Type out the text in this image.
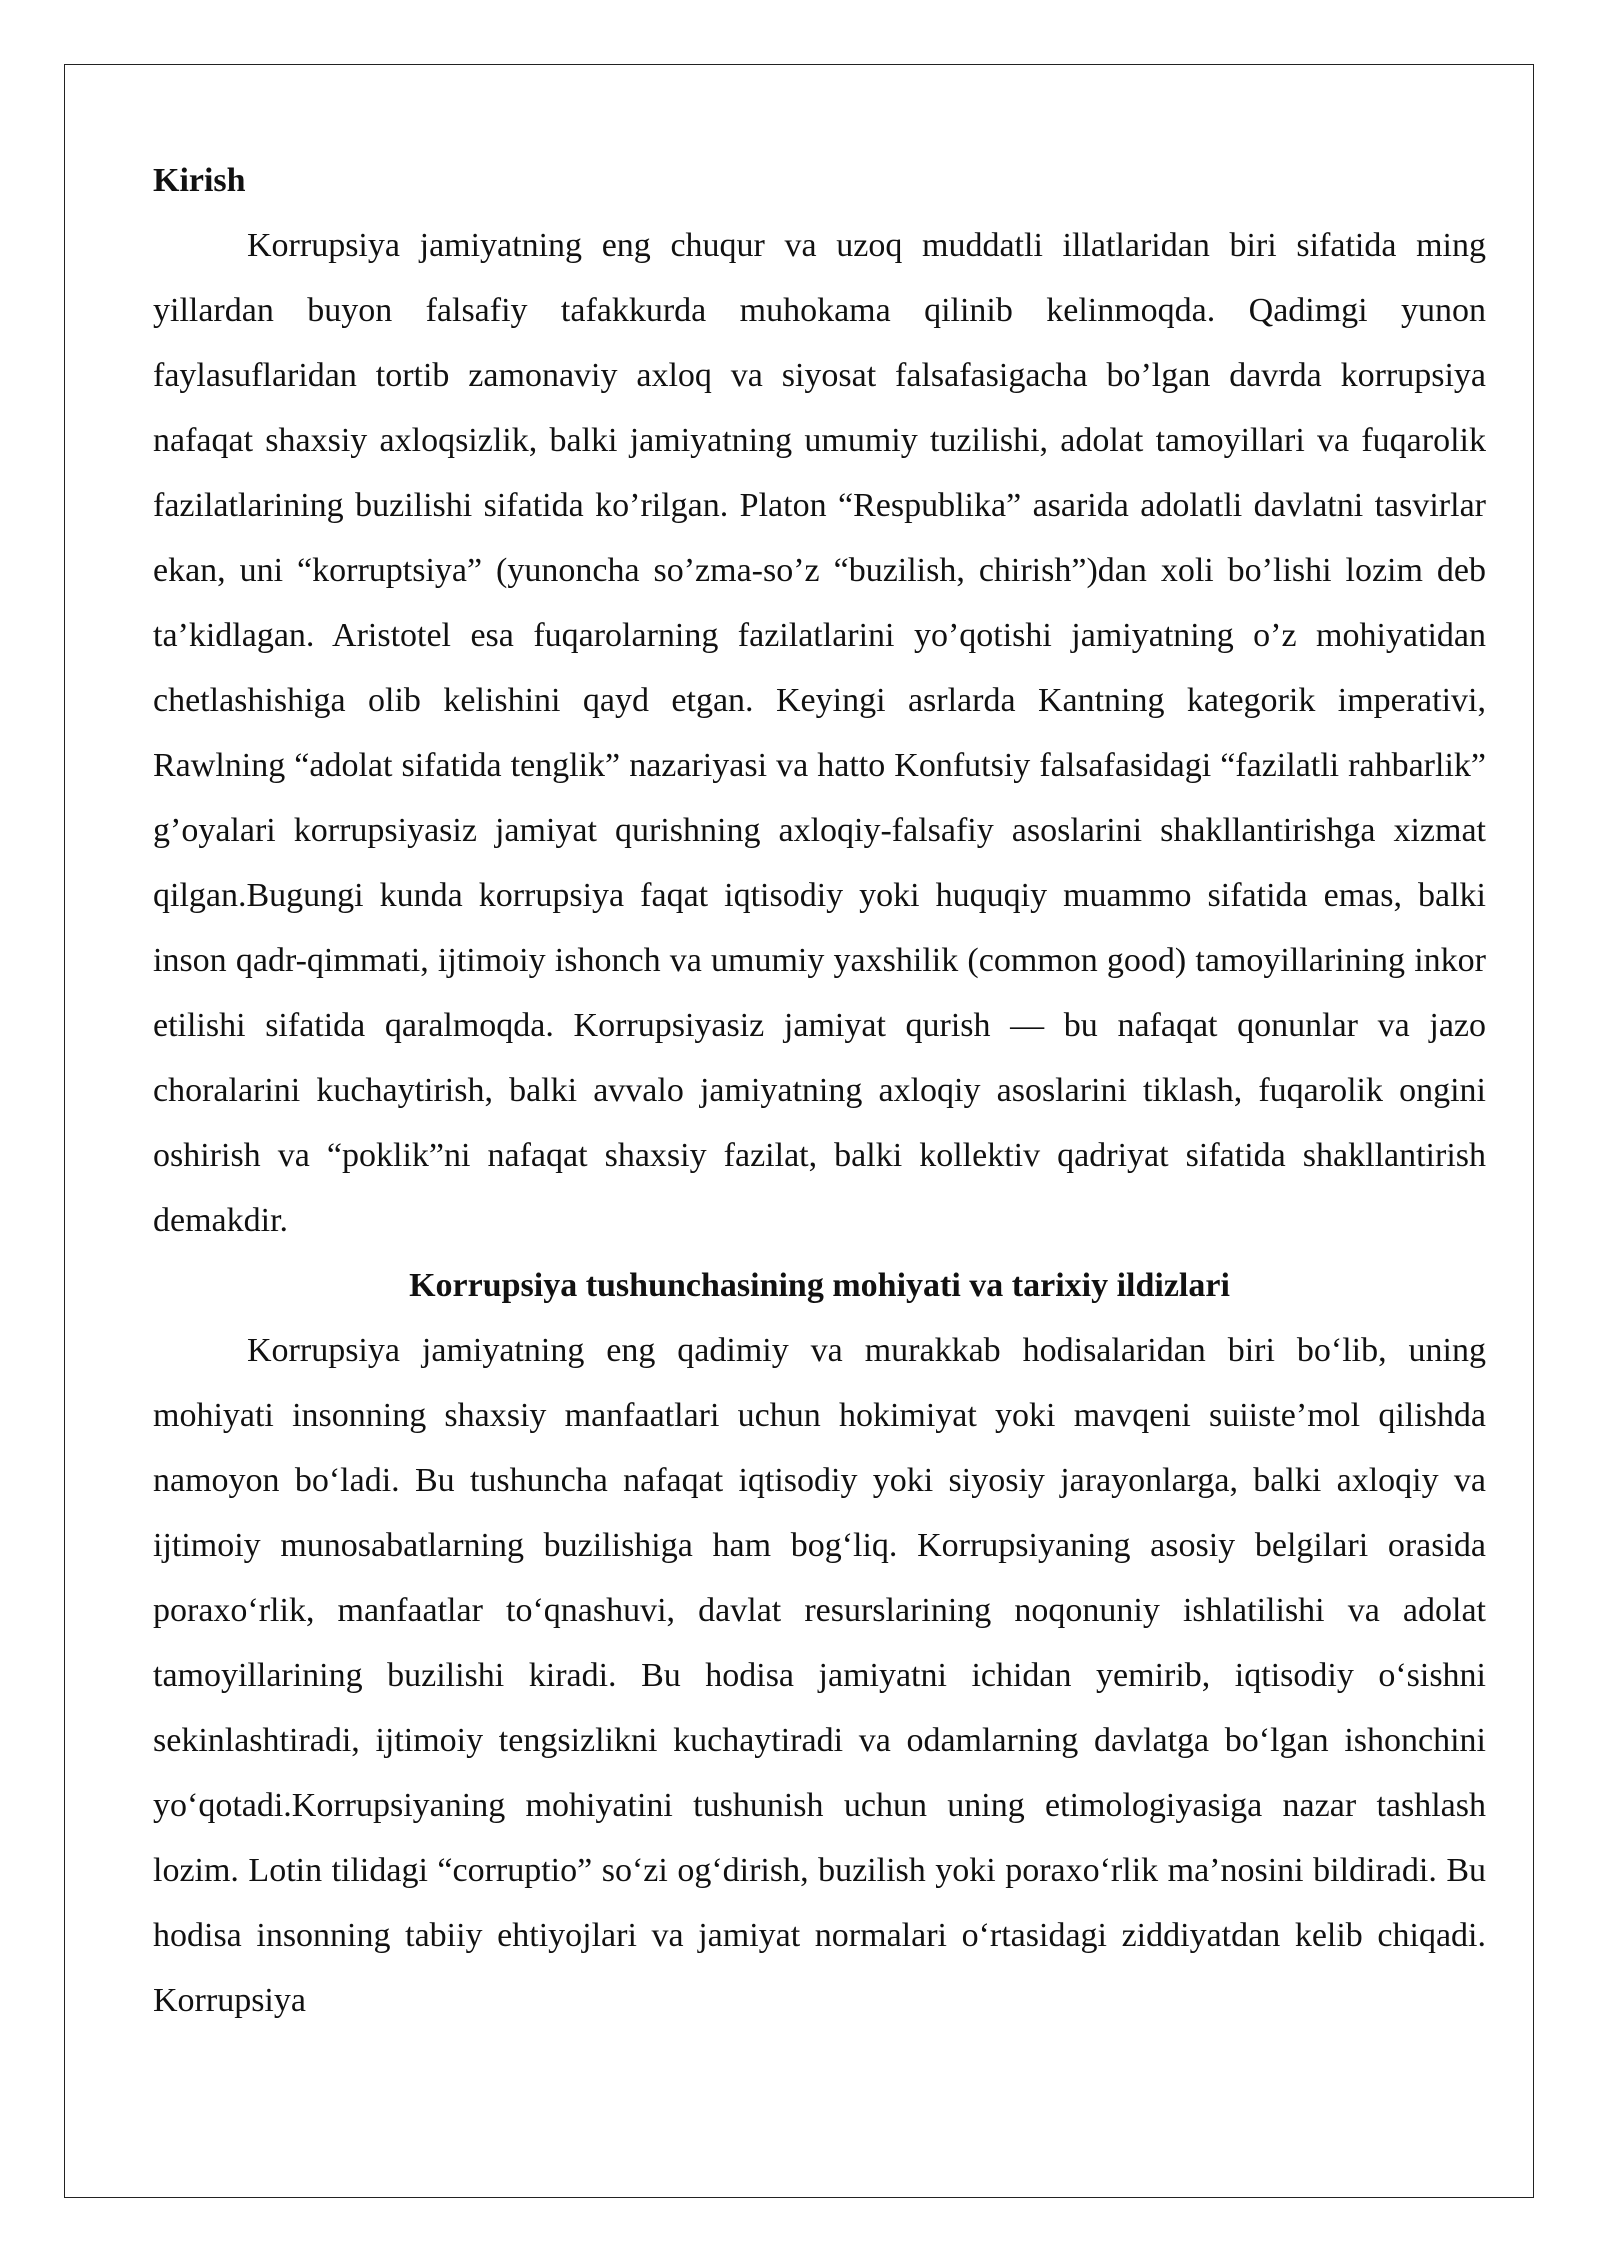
Kirish

Korrupsiya jamiyatning eng chuqur va uzoq muddatli illatlaridan biri sifatida ming yillardan buyon falsafiy tafakkurda muhokama qilinib kelinmoqda. Qadimgi yunon faylasuflaridan tortib zamonaviy axloq va siyosat falsafasigacha bo’lgan davrda korrupsiya nafaqat shaxsiy axloqsizlik, balki jamiyatning umumiy tuzilishi, adolat tamoyillari va fuqarolik fazilatlarining buzilishi sifatida ko’rilgan. Platon “Respublika” asarida adolatli davlatni tasvirlar ekan, uni “korruptsiya” (yunoncha so’zma-so’z “buzilish, chirish”)dan xoli bo’lishi lozim deb ta’kidlagan. Aristotel esa fuqarolarning fazilatlarini yo’qotishi jamiyatning o’z mohiyatidan chetlashishiga olib kelishini qayd etgan. Keyingi asrlarda Kantning kategorik imperativi, Rawlning “adolat sifatida tenglik” nazariyasi va hatto Konfutsiy falsafasidagi “fazilatli rahbarlik” g’oyalari korrupsiyasiz jamiyat qurishning axloqiy-falsafiy asoslarini shakllantirishga xizmat qilgan.Bugungi kunda korrupsiya faqat iqtisodiy yoki huquqiy muammo sifatida emas, balki inson qadr-qimmati, ijtimoiy ishonch va umumiy yaxshilik (common good) tamoyillarining inkor etilishi sifatida qaralmoqda. Korrupsiyasiz jamiyat qurish — bu nafaqat qonunlar va jazo choralarini kuchaytirish, balki avvalo jamiyatning axloqiy asoslarini tiklash, fuqarolik ongini oshirish va “poklik”ni nafaqat shaxsiy fazilat, balki kollektiv qadriyat sifatida shakllantirish demakdir.

Korrupsiya tushunchasining mohiyati va tarixiy ildizlari

Korrupsiya jamiyatning eng qadimiy va murakkab hodisalaridan biri boʻlib, uning mohiyati insonning shaxsiy manfaatlari uchun hokimiyat yoki mavqeni suiiste’mol qilishda namoyon boʻladi. Bu tushuncha nafaqat iqtisodiy yoki siyosiy jarayonlarga, balki axloqiy va ijtimoiy munosabatlarning buzilishiga ham bogʻliq. Korrupsiyaning asosiy belgilari orasida poraxoʻrlik, manfaatlar toʻqnashuvi, davlat resurslarining noqonuniy ishlatilishi va adolat tamoyillarining buzilishi kiradi. Bu hodisa jamiyatni ichidan yemirib, iqtisodiy oʻsishni sekinlashtiradi, ijtimoiy tengsizlikni kuchaytiradi va odamlarning davlatga boʻlgan ishonchini yoʻqotadi.Korrupsiyaning mohiyatini tushunish uchun uning etimologiyasiga nazar tashlash lozim. Lotin tilidagi “corruptio” soʻzi ogʻdirish, buzilish yoki poraxoʻrlik ma’nosini bildiradi. Bu hodisa insonning tabiiy ehtiyojlari va jamiyat normalari oʻrtasidagi ziddiyatdan kelib chiqadi. Korrupsiya
